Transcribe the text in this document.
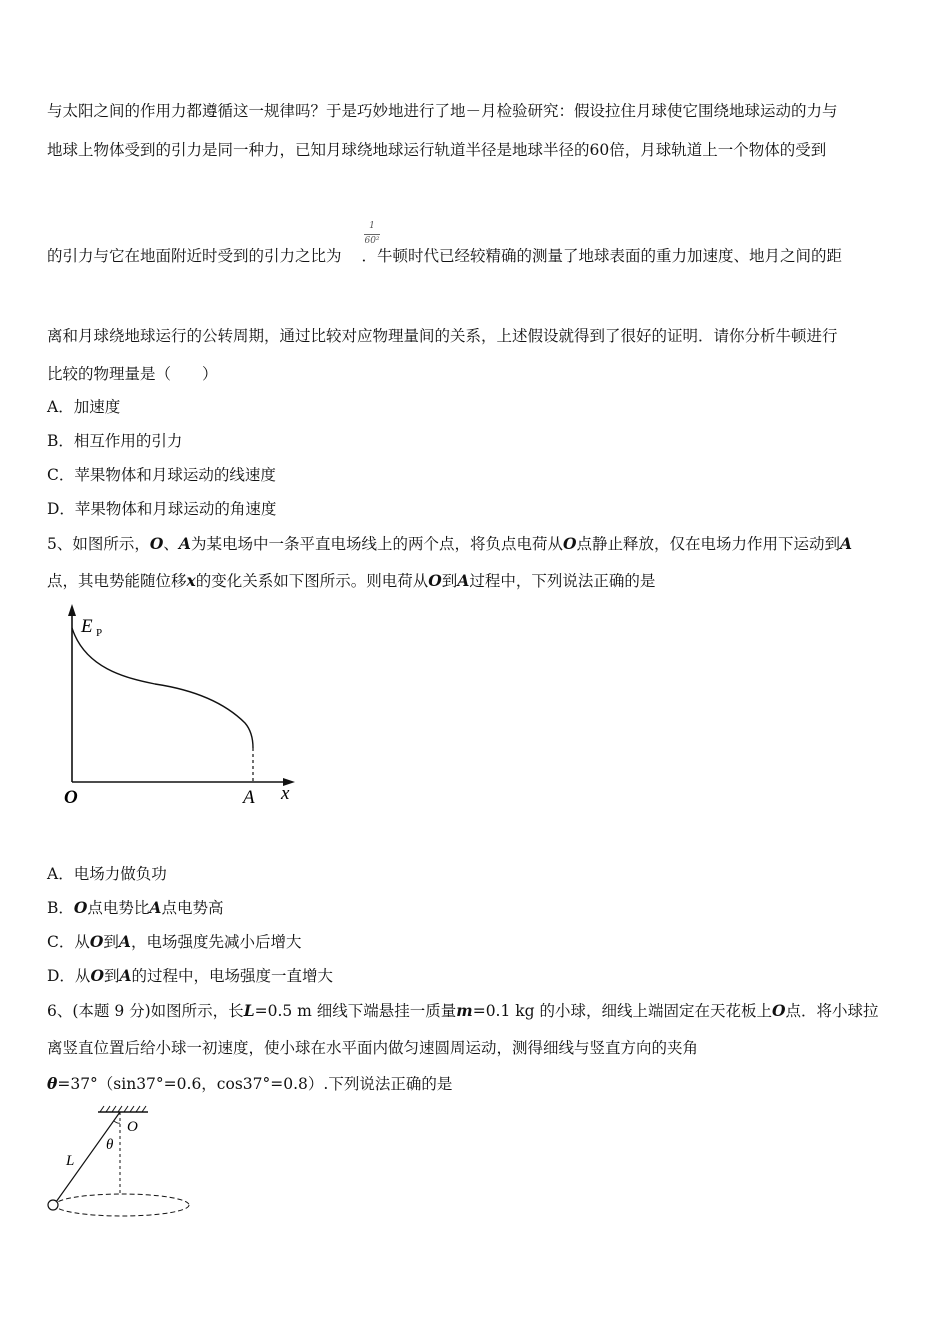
与太阳之间的作用力都遵循这一规律吗？于是巧妙地进行了地－月检验研究：假设拉住月球使它围绕地球运动的力与
地球上物体受到的引力是同一种力，已知月球绕地球运行轨道半径是地球半径的60倍，月球轨道上一个物体的受到
的引力与它在地面附近时受到的引力之比为 ．牛顿时代已经较精确的测量了地球表面的重力加速度、地月之间的距
1
60²
离和月球绕地球运行的公转周期，通过比较对应物理量间的关系，上述假设就得到了很好的证明．请你分析牛顿进行
比较的物理量是（　　）
A．加速度
B．相互作用的引力
C．苹果物体和月球运动的线速度
D．苹果物体和月球运动的角速度
5、如图所示，O、A为某电场中一条平直电场线上的两个点，将负点电荷从O点静止释放，仅在电场力作用下运动到A
点，其电势能随位移x的变化关系如下图所示。则电荷从O到A过程中，下列说法正确的是
E P
O	A x
A．电场力做负功
B．O点电势比A点电势高
C．从O到A，电场强度先减小后增大
D．从O到A的过程中，电场强度一直增大
6、(本题 9 分)如图所示，长L=0.5 m 细线下端悬挂一质量m=0.1 kg 的小球，细线上端固定在天花板上O点．将小球拉
离竖直位置后给小球一初速度，使小球在水平面内做匀速圆周运动，测得细线与竖直方向的夹角
θ=37°（sin37°=0.6，cos37°=0.8）.下列说法正确的是
O
θ
L
